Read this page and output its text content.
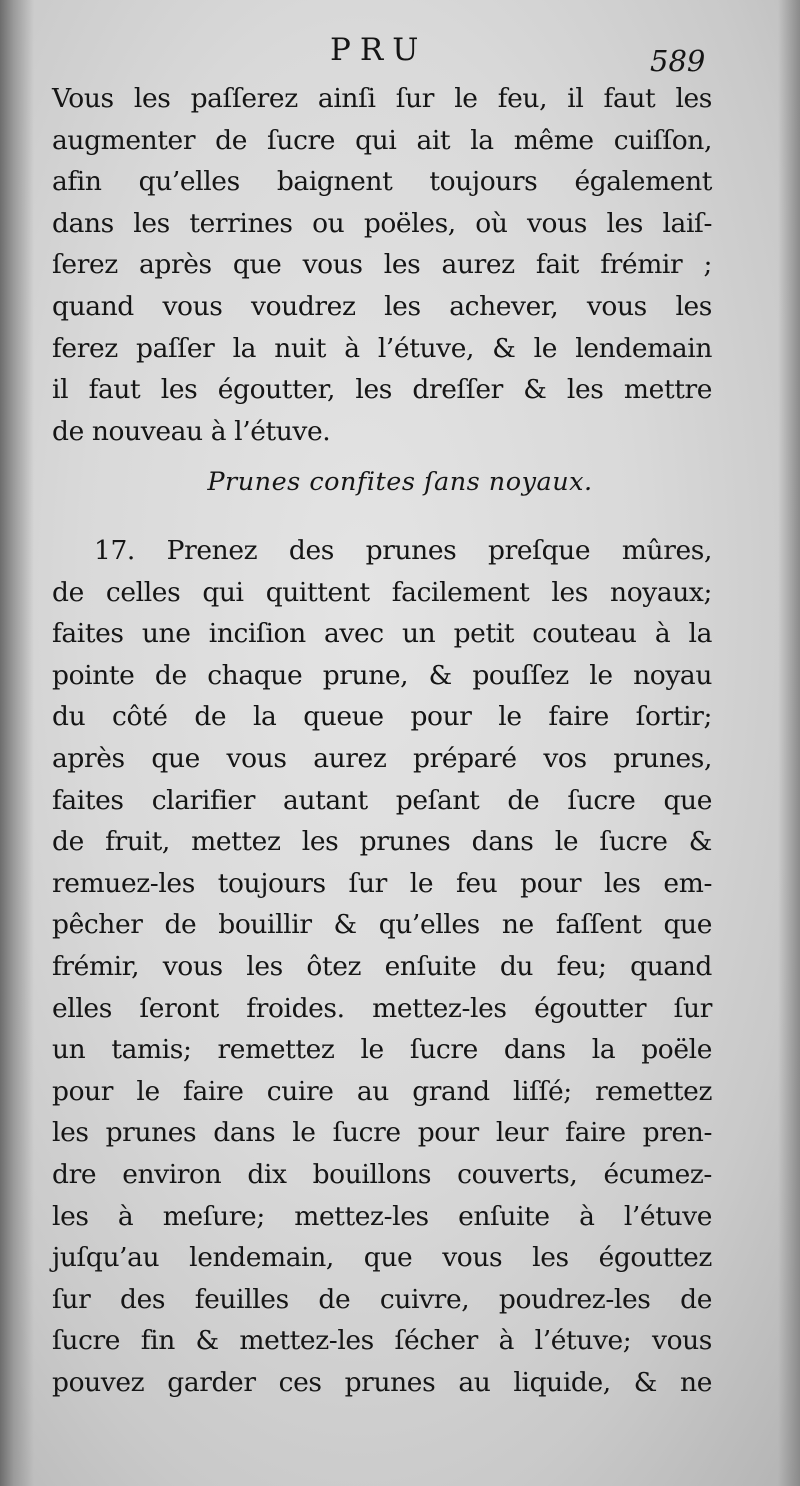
PRU	589
Vous les paſſerez ainſi ſur le feu, il faut les
augmenter de ſucre qui ait la même cuiſſon,
afin qu’elles baignent toujours également
dans les terrines ou poëles, où vous les laiſ-
ſerez après que vous les aurez fait frémir ;
quand vous voudrez les achever, vous les
ferez paſſer la nuit à l’étuve, & le lendemain
il faut les égoutter, les dreſſer & les mettre
de nouveau à l’étuve.
Prunes confites ſans noyaux.
17. Prenez des prunes preſque mûres,
de celles qui quittent facilement les noyaux;
faites une inciſion avec un petit couteau à la
pointe de chaque prune, & pouſſez le noyau
du côté de la queue pour le faire ſortir;
après que vous aurez préparé vos prunes,
faites clarifier autant peſant de ſucre que
de fruit, mettez les prunes dans le ſucre &
remuez-les toujours ſur le feu pour les em-
pêcher de bouillir & qu’elles ne faſſent que
frémir, vous les ôtez enſuite du feu; quand
elles ſeront froides. mettez-les égoutter ſur
un tamis; remettez le ſucre dans la poële
pour le faire cuire au grand liſſé; remettez
les prunes dans le ſucre pour leur faire pren-
dre environ dix bouillons couverts, écumez-
les à meſure; mettez-les enſuite à l’étuve
juſqu’au lendemain, que vous les égouttez
ſur des feuilles de cuivre, poudrez-les de
ſucre fin & mettez-les ſécher à l’étuve; vous
pouvez garder ces prunes au liquide, & ne
